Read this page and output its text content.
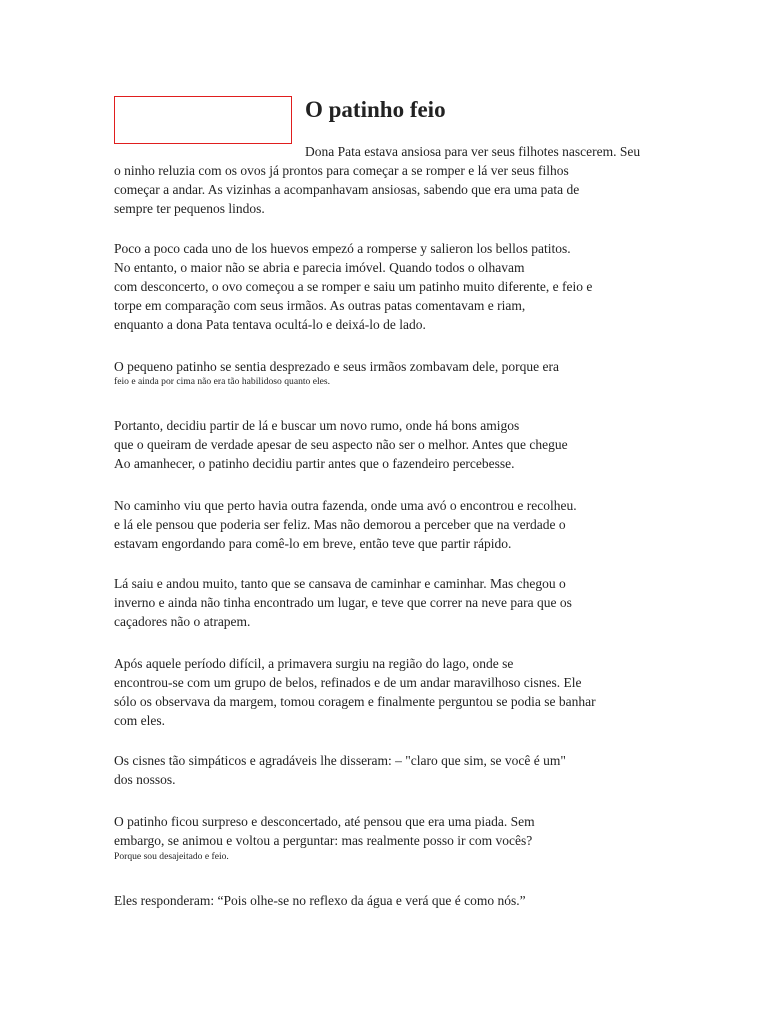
O patinho feio
Dona Pata estava ansiosa para ver seus filhotes nascerem. Seu
o ninho reluzia com os ovos já prontos para começar a se romper e lá ver seus filhos
começar a andar. As vizinhas a acompanhavam ansiosas, sabendo que era uma pata de
sempre ter pequenos lindos.
Poco a poco cada uno de los huevos empezó a romperse y salieron los bellos patitos.
No entanto, o maior não se abria e parecia imóvel. Quando todos o olhavam
com desconcerto, o ovo começou a se romper e saiu um patinho muito diferente, e feio e
torpe em comparação com seus irmãos. As outras patas comentavam e riam,
enquanto a dona Pata tentava ocultá-lo e deixá-lo de lado.
O pequeno patinho se sentia desprezado e seus irmãos zombavam dele, porque era
feio e ainda por cima não era tão habilidoso quanto eles.
Portanto, decidiu partir de lá e buscar um novo rumo, onde há bons amigos
que o queiram de verdade apesar de seu aspecto não ser o melhor. Antes que chegue
Ao amanhecer, o patinho decidiu partir antes que o fazendeiro percebesse.
No caminho viu que perto havia outra fazenda, onde uma avó o encontrou e recolheu.
e lá ele pensou que poderia ser feliz. Mas não demorou a perceber que na verdade o
estavam engordando para comê-lo em breve, então teve que partir rápido.
Lá saiu e andou muito, tanto que se cansava de caminhar e caminhar. Mas chegou o
inverno e ainda não tinha encontrado um lugar, e teve que correr na neve para que os
caçadores não o atrapem.
Após aquele período difícil, a primavera surgiu na região do lago, onde se
encontrou-se com um grupo de belos, refinados e de um andar maravilhoso cisnes. Ele
sólo os observava da margem, tomou coragem e finalmente perguntou se podia se banhar
com eles.
Os cisnes tão simpáticos e agradáveis lhe disseram: – "claro que sim, se você é um"
dos nossos.
O patinho ficou surpreso e desconcertado, até pensou que era uma piada. Sem
embargo, se animou e voltou a perguntar: mas realmente posso ir com vocês?
Porque sou desajeitado e feio.
Eles responderam: “Pois olhe-se no reflexo da água e verá que é como nós.”
